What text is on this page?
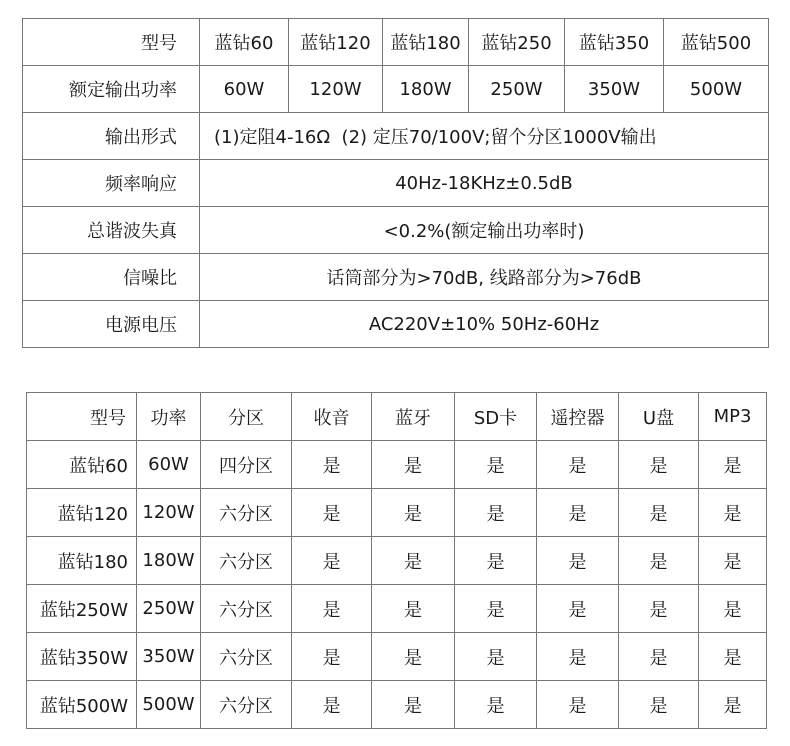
型号	蓝钻60	蓝钻120	蓝钻180	蓝钻250	蓝钻350	蓝钻500
额定输出功率	60W	120W	180W	250W	350W	500W
输出形式	(1)定阻4-16Ω  (2) 定压70/100V;留个分区1000V输出					
频率响应	40Hz-18KHz±0.5dB					
总谐波失真	<0.2%(额定输出功率时)					
信噪比	话筒部分为>70dB, 线路部分为>76dB					
电源电压	AC220V±10% 50Hz-60Hz					
型号	功率	分区	收音	蓝牙	SD卡	遥控器	U盘	MP3
蓝钻60	60W	四分区	是	是	是	是	是	是
蓝钻120	120W	六分区	是	是	是	是	是	是
蓝钻180	180W	六分区	是	是	是	是	是	是
蓝钻250W	250W	六分区	是	是	是	是	是	是
蓝钻350W	350W	六分区	是	是	是	是	是	是
蓝钻500W	500W	六分区	是	是	是	是	是	是
